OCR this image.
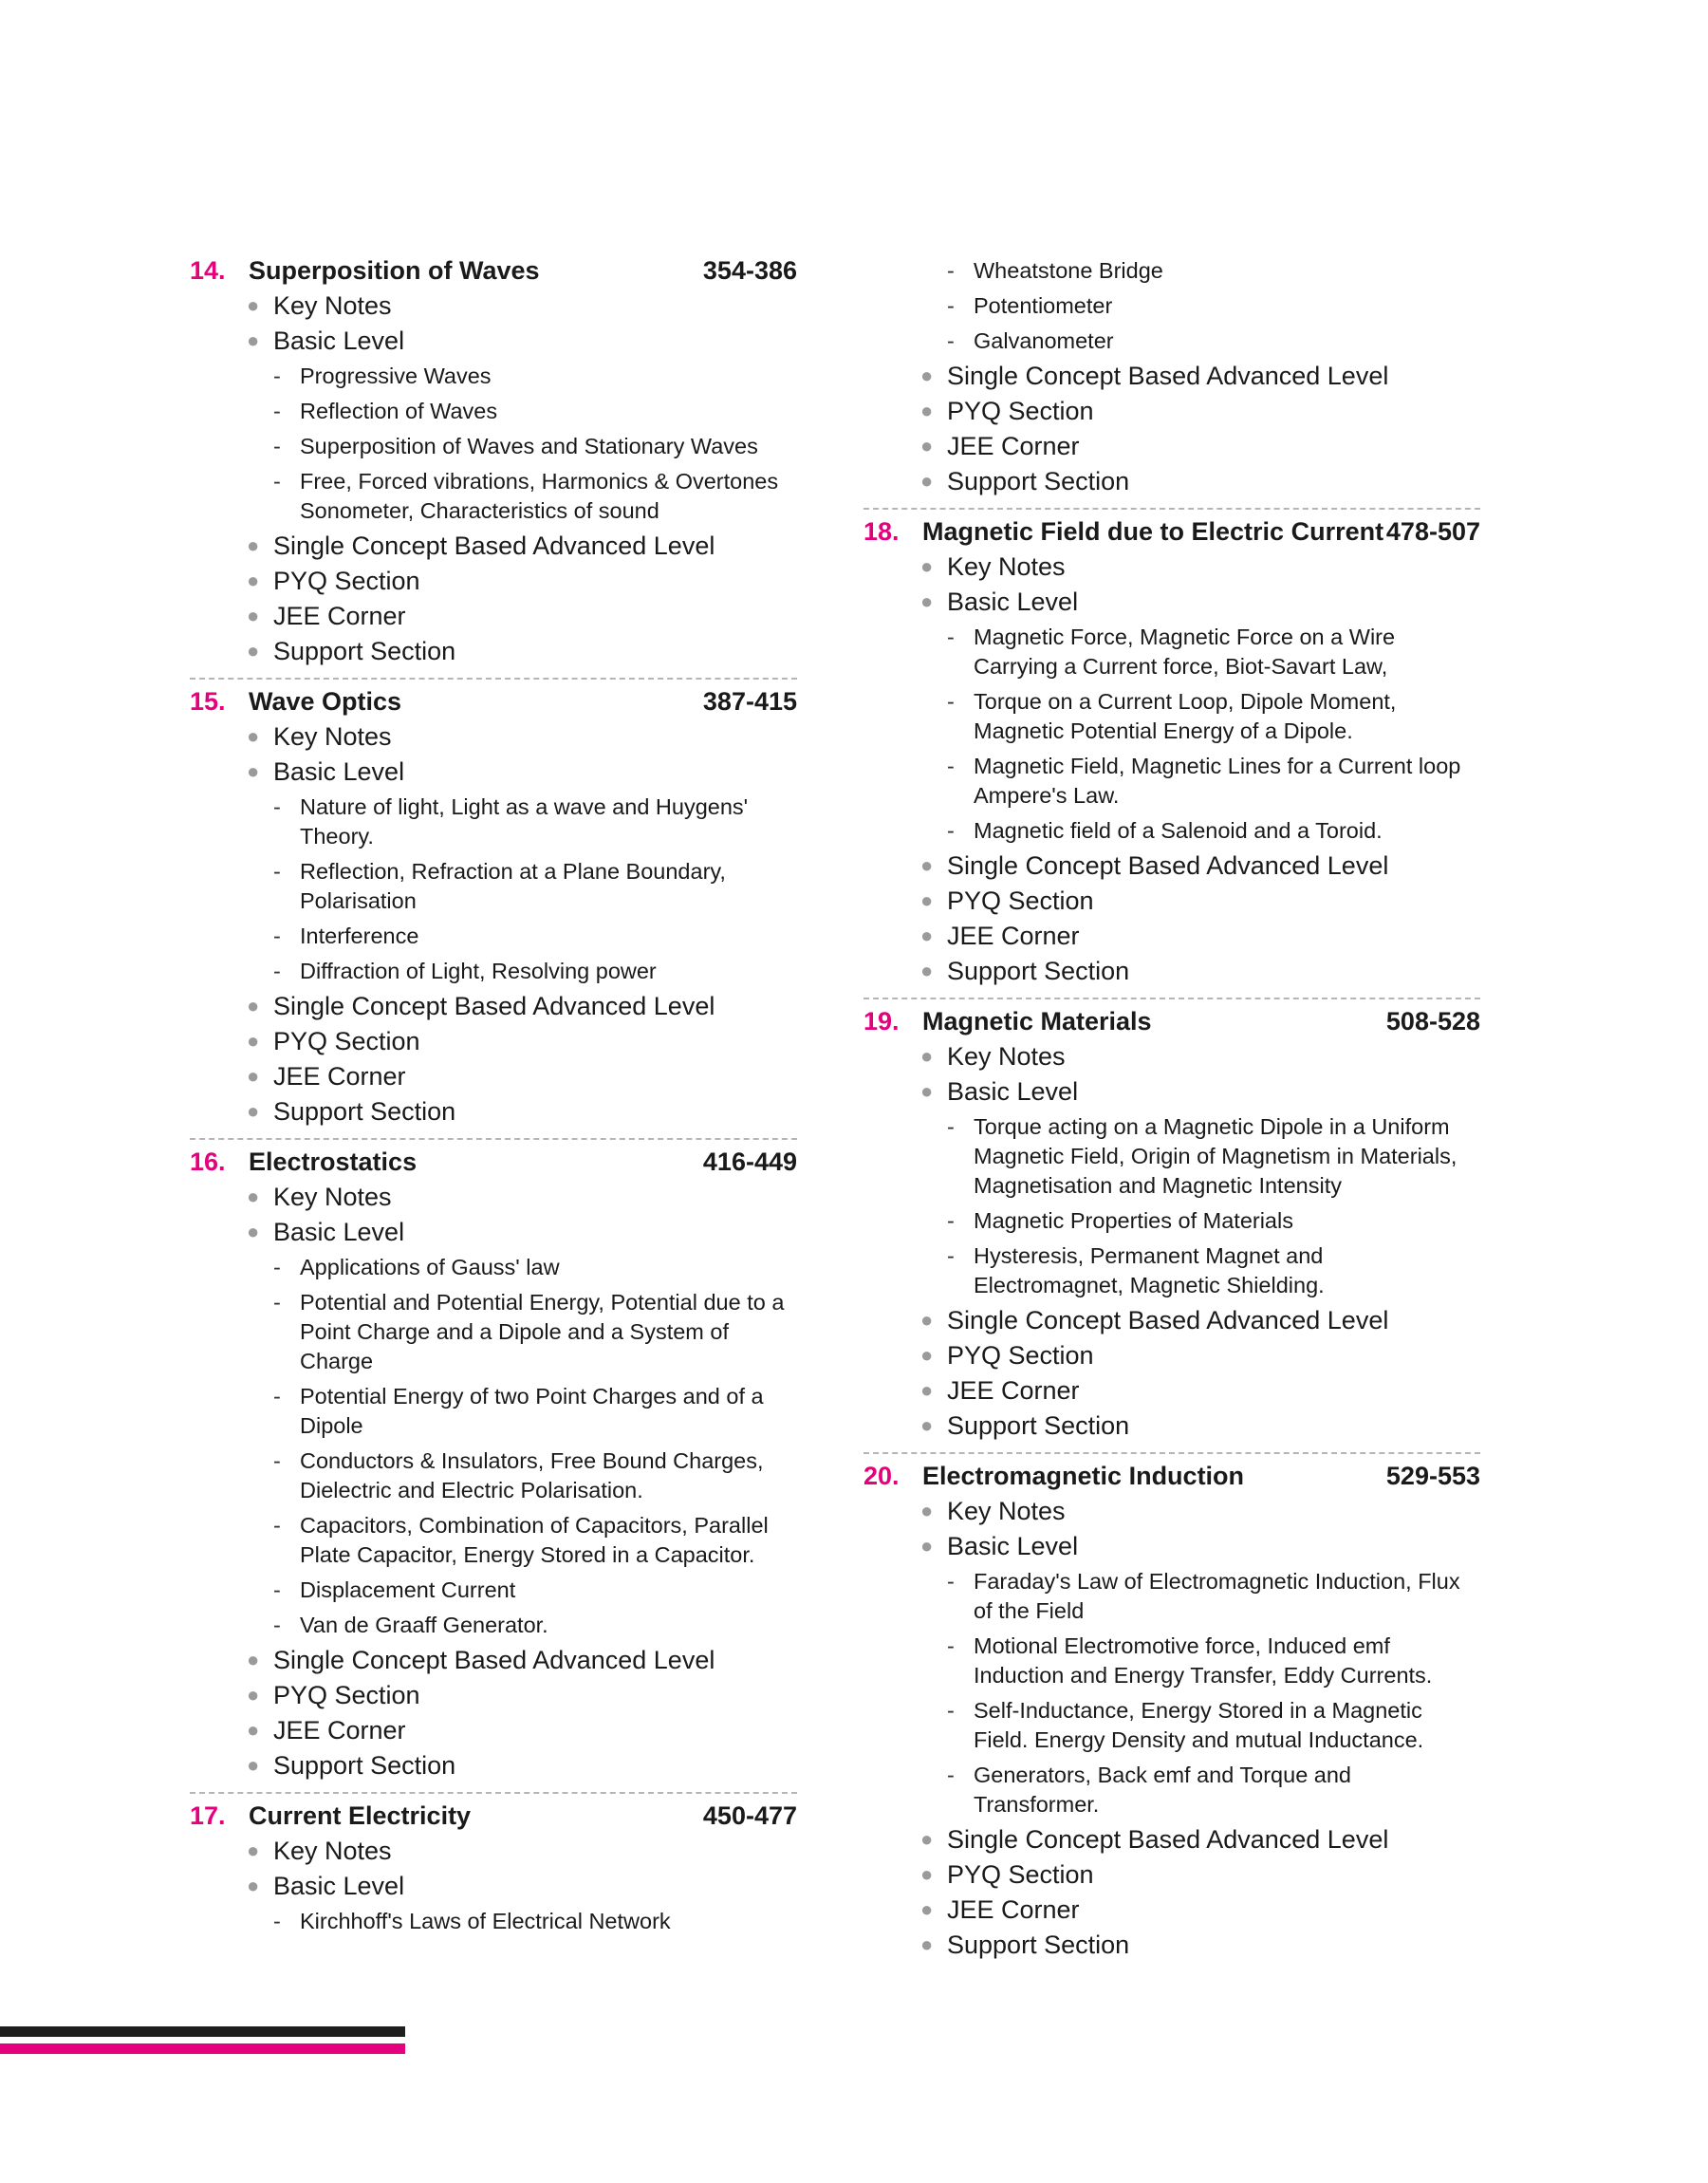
14. Superposition of Waves	354-386
● Key Notes
● Basic Level
- Progressive Waves
- Reflection of Waves
- Superposition of Waves and Stationary Waves
- Free, Forced vibrations, Harmonics & Overtones
Sonometer, Characteristics of sound
● Single Concept Based Advanced Level
● PYQ Section
● JEE Corner
● Support Section
15. Wave Optics	387-415
● Key Notes
● Basic Level
- Nature of light, Light as a wave and Huygens'
Theory.
- Reflection, Refraction at a Plane Boundary,
Polarisation
- Interference
- Diffraction of Light, Resolving power
● Single Concept Based Advanced Level
● PYQ Section
● JEE Corner
● Support Section
16. Electrostatics	416-449
● Key Notes
● Basic Level
- Applications of Gauss' law
- Potential and Potential Energy, Potential due to a
Point Charge and a Dipole and a System of Charge
- Potential Energy of two Point Charges and of a
Dipole
- Conductors & Insulators, Free Bound Charges,
Dielectric and Electric Polarisation.
- Capacitors, Combination of Capacitors, Parallel
Plate Capacitor, Energy Stored in a Capacitor.
- Displacement Current
- Van de Graaff Generator.
● Single Concept Based Advanced Level
● PYQ Section
● JEE Corner
● Support Section
17. Current Electricity	450-477
● Key Notes
● Basic Level
- Kirchhoff's Laws of Electrical Network
- Wheatstone Bridge
- Potentiometer
- Galvanometer
● Single Concept Based Advanced Level
● PYQ Section
● JEE Corner
● Support Section
18. Magnetic Field due to Electric Current 478-507
● Key Notes
● Basic Level
- Magnetic Force, Magnetic Force on a Wire
Carrying a Current force, Biot-Savart Law,
- Torque on a Current Loop, Dipole Moment,
Magnetic Potential Energy of a Dipole.
- Magnetic Field, Magnetic Lines for a Current loop
Ampere's Law.
- Magnetic field of a Salenoid and a Toroid.
● Single Concept Based Advanced Level
● PYQ Section
● JEE Corner
● Support Section
19. Magnetic Materials	508-528
● Key Notes
● Basic Level
- Torque acting on a Magnetic Dipole in a Uniform
Magnetic Field, Origin of Magnetism in Materials,
Magnetisation and Magnetic Intensity
- Magnetic Properties of Materials
- Hysteresis, Permanent Magnet and
Electromagnet, Magnetic Shielding.
● Single Concept Based Advanced Level
● PYQ Section
● JEE Corner
● Support Section
20. Electromagnetic Induction	529-553
● Key Notes
● Basic Level
- Faraday's Law of Electromagnetic Induction, Flux
of the Field
- Motional Electromotive force, Induced emf
Induction and Energy Transfer, Eddy Currents.
- Self-Inductance, Energy Stored in a Magnetic
Field. Energy Density and mutual Inductance.
- Generators, Back emf and Torque and Transformer.
● Single Concept Based Advanced Level
● PYQ Section
● JEE Corner
● Support Section
